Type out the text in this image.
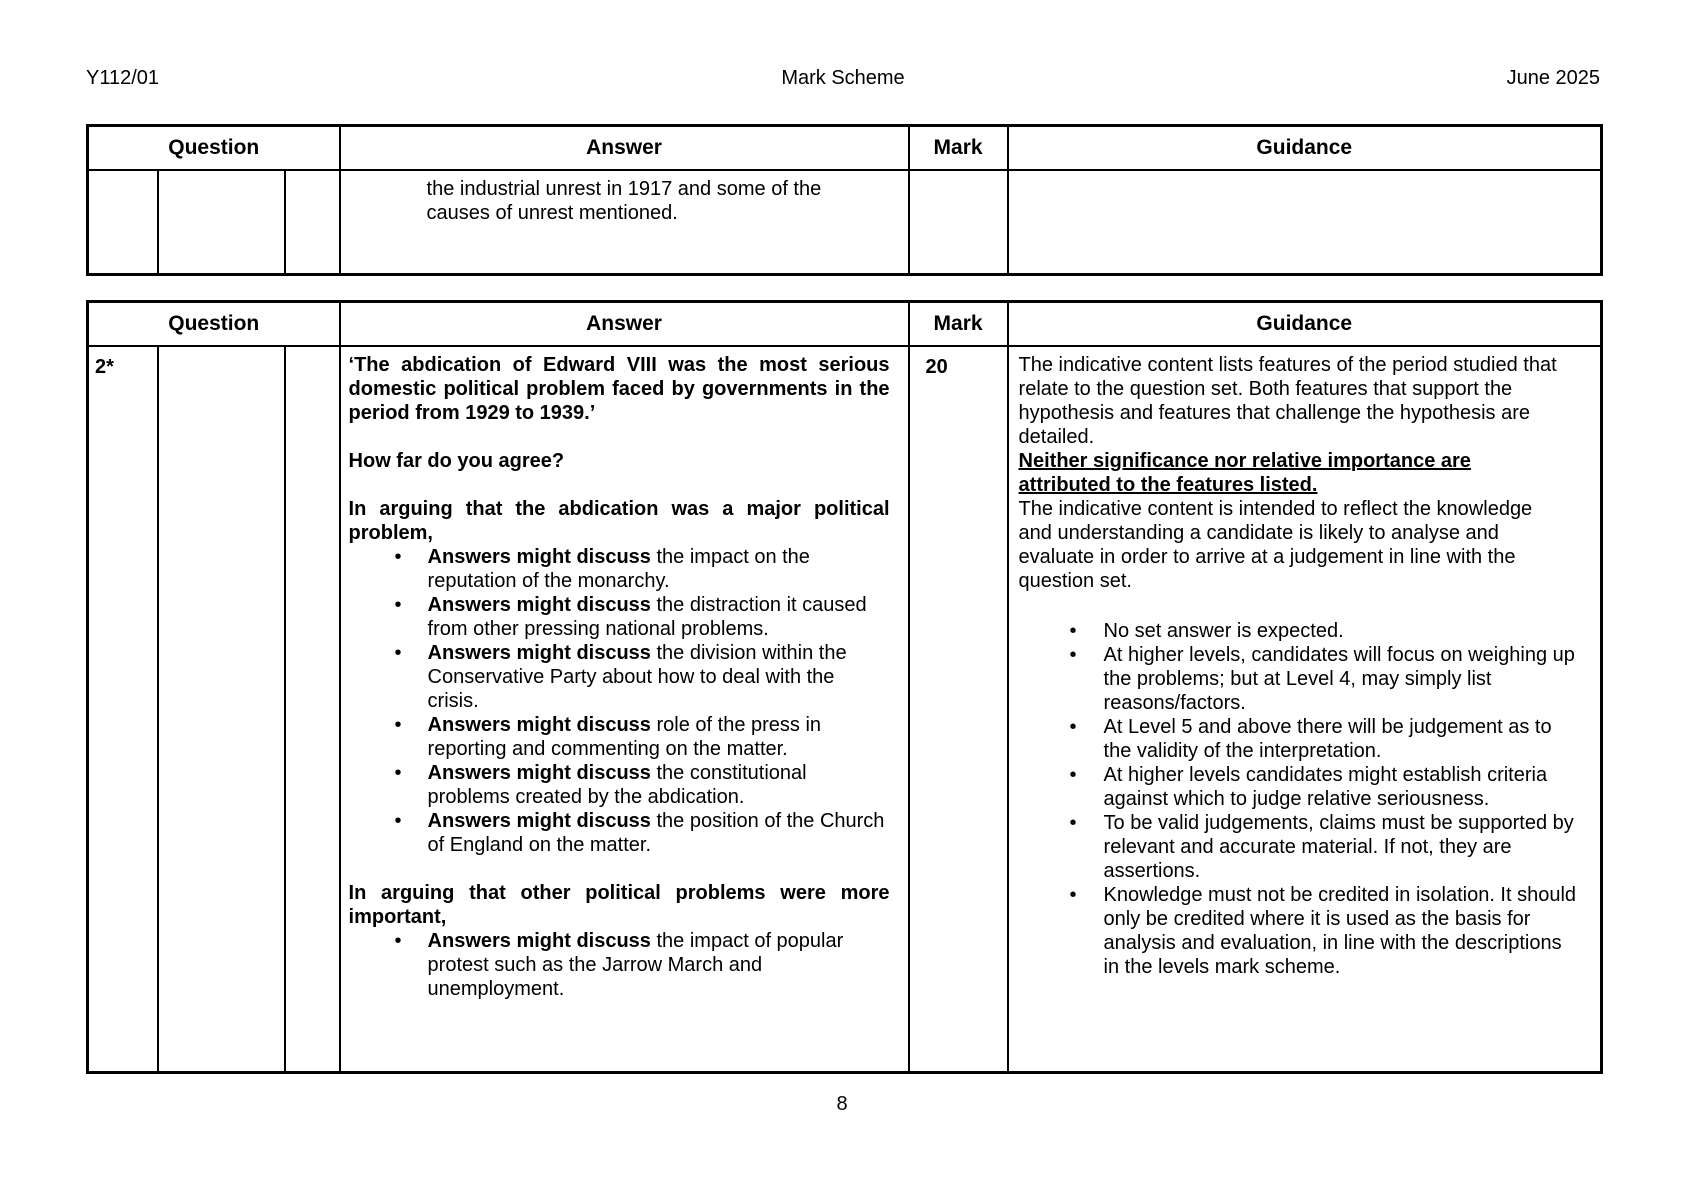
Y112/01	Mark Scheme	June 2025
Question			Answer	Mark	Guidance

			the industrial unrest in 1917 and some of the causes of unrest mentioned.		

Question			Answer	Mark	Guidance
2*			‘The abdication of Edward VIII was the most serious domestic political problem faced by governments in the period from 1929 to 1939.’

How far do you agree?

In arguing that the abdication was a major political problem,

• Answers might discuss the impact on the reputation of the monarchy.
• Answers might discuss the distraction it caused from other pressing national problems.
• Answers might discuss the division within the Conservative Party about how to deal with the crisis.
• Answers might discuss role of the press in reporting and commenting on the matter.
• Answers might discuss the constitutional problems created by the abdication.
• Answers might discuss the position of the Church of England on the matter.

In arguing that other political problems were more important,

• Answers might discuss the impact of popular protest such as the Jarrow March and unemployment.
	20	The indicative content lists features of the period studied that relate to the question set. Both features that support the hypothesis and features that challenge the hypothesis are detailed.

Neither significance nor relative importance are attributed to the features listed.

The indicative content is intended to reflect the knowledge and understanding a candidate is likely to analyse and evaluate in order to arrive at a judgement in line with the question set.

• No set answer is expected.
• At higher levels, candidates will focus on weighing up the problems; but at Level 4, may simply list reasons/factors.
• At Level 5 and above there will be judgement as to the validity of the interpretation.
• At higher levels candidates might establish criteria against which to judge relative seriousness.
• To be valid judgements, claims must be supported by relevant and accurate material. If not, they are assertions.
• Knowledge must not be credited in isolation. It should only be credited where it is used as the basis for analysis and evaluation, in line with the descriptions in the levels mark scheme.
8
